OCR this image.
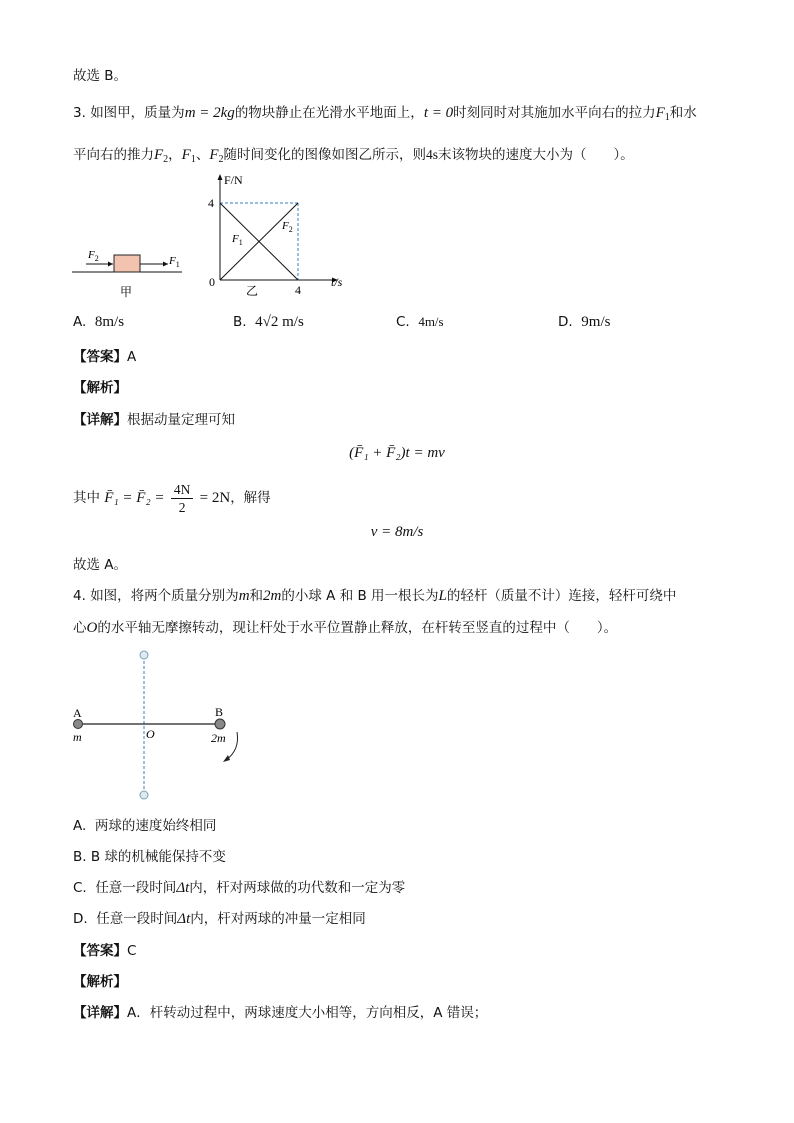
故选 B。
3. 如图甲，质量为m = 2kg的物块静止在光滑水平地面上，t = 0时刻同时对其施加水平向右的拉力$F_1$和水
平向右的推力$F_2$，$F_1$、$F_2$随时间变化的图像如图乙所示，则4s末该物块的速度大小为（　　）。
$F_2$	$F_1$
甲
F/N
t/s
4
0
4
$F_1$
$F_2$
乙
A. 8m/s	B. 4√2 m/s	C. 4m/s	D. 9m/s
【答案】A
【解析】
【详解】根据动量定理可知
(F̄₁ + F̄₂)t = mv
其中 F̄₁ = F̄₂ = $\frac{4N}{2} = 2N$，解得
v = 8m/s
故选 A。
4. 如图，将两个质量分别为m和2m的小球 A 和 B 用一根长为L的轻杆（质量不计）连接，轻杆可绕中
心O的水平轴无摩擦转动，现让杆处于水平位置静止释放，在杆转至竖直的过程中（　　）。
A	B
m	2m
O
A. 两球的速度始终相同
B. B 球的机械能保持不变
C. 任意一段时间Δt内，杆对两球做的功代数和一定为零
D. 任意一段时间Δt内，杆对两球的冲量一定相同
【答案】C
【解析】
【详解】A．杆转动过程中，两球速度大小相等，方向相反，A 错误；
